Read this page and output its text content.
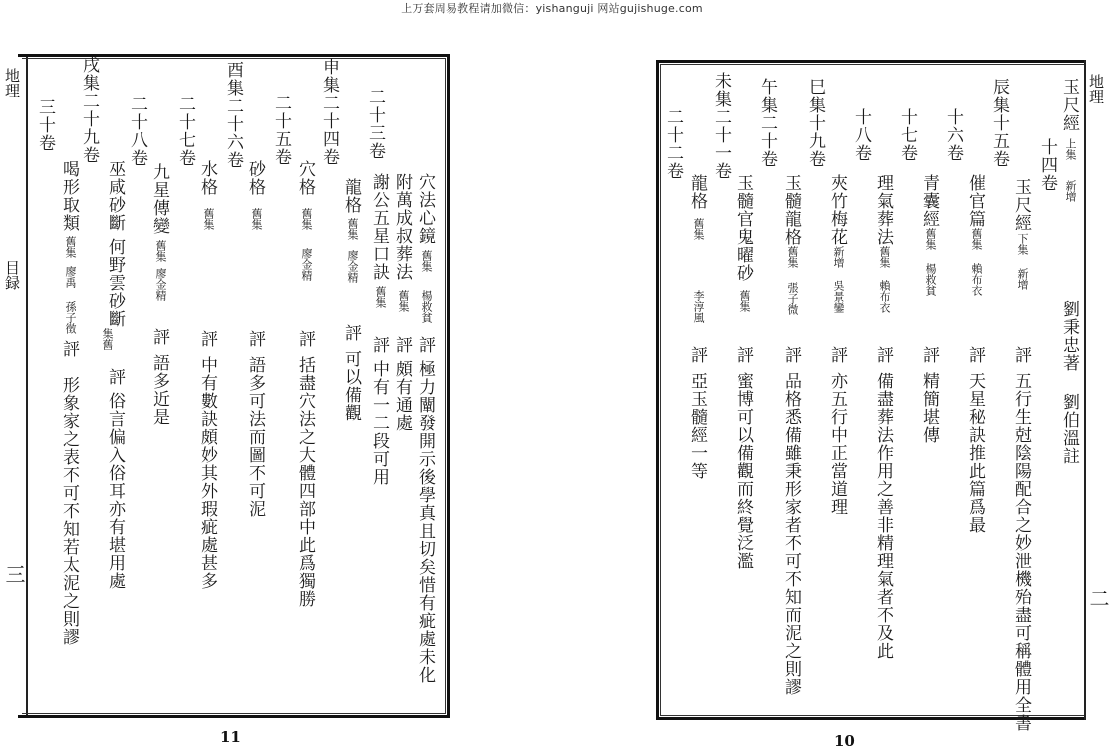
上万套周易教程请加微信：yishanguji 网站gujishuge.com
地理
目録
三
二十三卷
穴法心鏡
舊集
楊救貧
評
極力闡發開示後學真且切矣惜有疵處未化
附萬成叔葬法
舊集
評
頗有通處
謝公五星口訣
舊集
評
中有一二段可用
申集二十四卷
龍格
舊集
廖金精
評
可以備觀
二十五卷
穴格
舊集
廖金精
評
括盡穴法之大體四部中此爲獨勝
酉集二十六卷
砂格
舊集
評
語多可法而圖不可泥
二十七卷
水格
舊集
評
中有數訣頗妙其外瑕疵處甚多
二十八卷
九星傳變
舊集
廖金精
評
語多近是
巫咸砂斷
何野雲砂斷
集舊
評
俗言偏入俗耳亦有堪用處
戌集二十九卷
三十卷
喝形取類
舊集
廖禹 孫子徵
評
形象家之表不可不知若太泥之則謬
11
地理
二
玉尺經
上集
新增
劉秉忠著 劉伯溫註
十四卷
玉尺經
下集
新增
評
五行生尅陰陽配合之妙泄機殆盡可稱體用全書
辰集十五卷
催官篇
舊集
賴布衣
評
天星秘訣推此篇爲最
十六卷
青囊經
舊集
楊救貧
評
精簡堪傳
十七卷
理氣葬法
舊集
賴布衣
評
備盡葬法作用之善非精理氣者不及此
十八卷
夾竹梅花
新增
吳景鑾
評
亦五行中正當道理
巳集十九卷
玉髓龍格
舊集
張子微
評
品格悉備雖秉形家者不可不知而泥之則謬
午集二十卷
玉髓官鬼曜砂
舊集
評
蜜博可以備觀而終覺泛濫
未集二十一卷
二十二卷
龍格
舊集
李淳風
評
亞玉髓經一等
10
